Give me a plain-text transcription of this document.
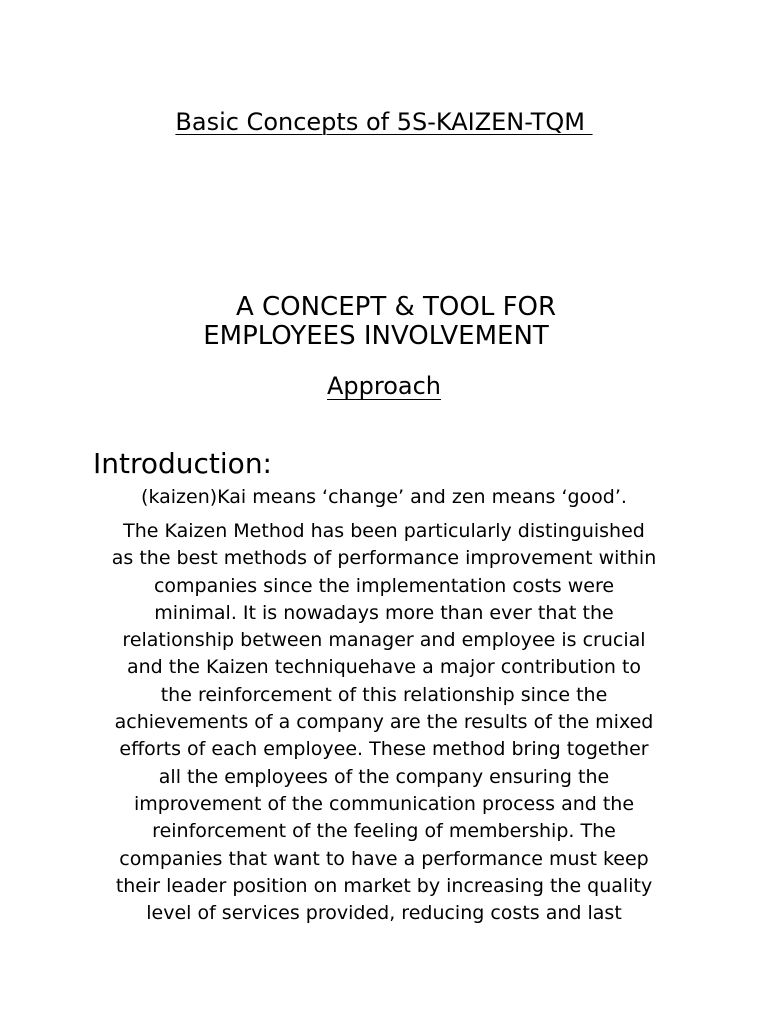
Basic Concepts of 5S-KAIZEN-TQM
A CONCEPT & TOOL FOR
EMPLOYEES INVOLVEMENT
Approach
Introduction:
(kaizen)Kai means ‘change’ and zen means ‘good’.
The Kaizen Method has been particularly distinguished
as the best methods of performance improvement within
companies since the implementation costs were
minimal. It is nowadays more than ever that the
relationship between manager and employee is crucial
and the Kaizen techniquehave a major contribution to
the reinforcement of this relationship since the
achievements of a company are the results of the mixed
efforts of each employee. These method bring together
all the employees of the company ensuring the
improvement of the communication process and the
reinforcement of the feeling of membership. The
companies that want to have a performance must keep
their leader position on market by increasing the quality
level of services provided, reducing costs and last
